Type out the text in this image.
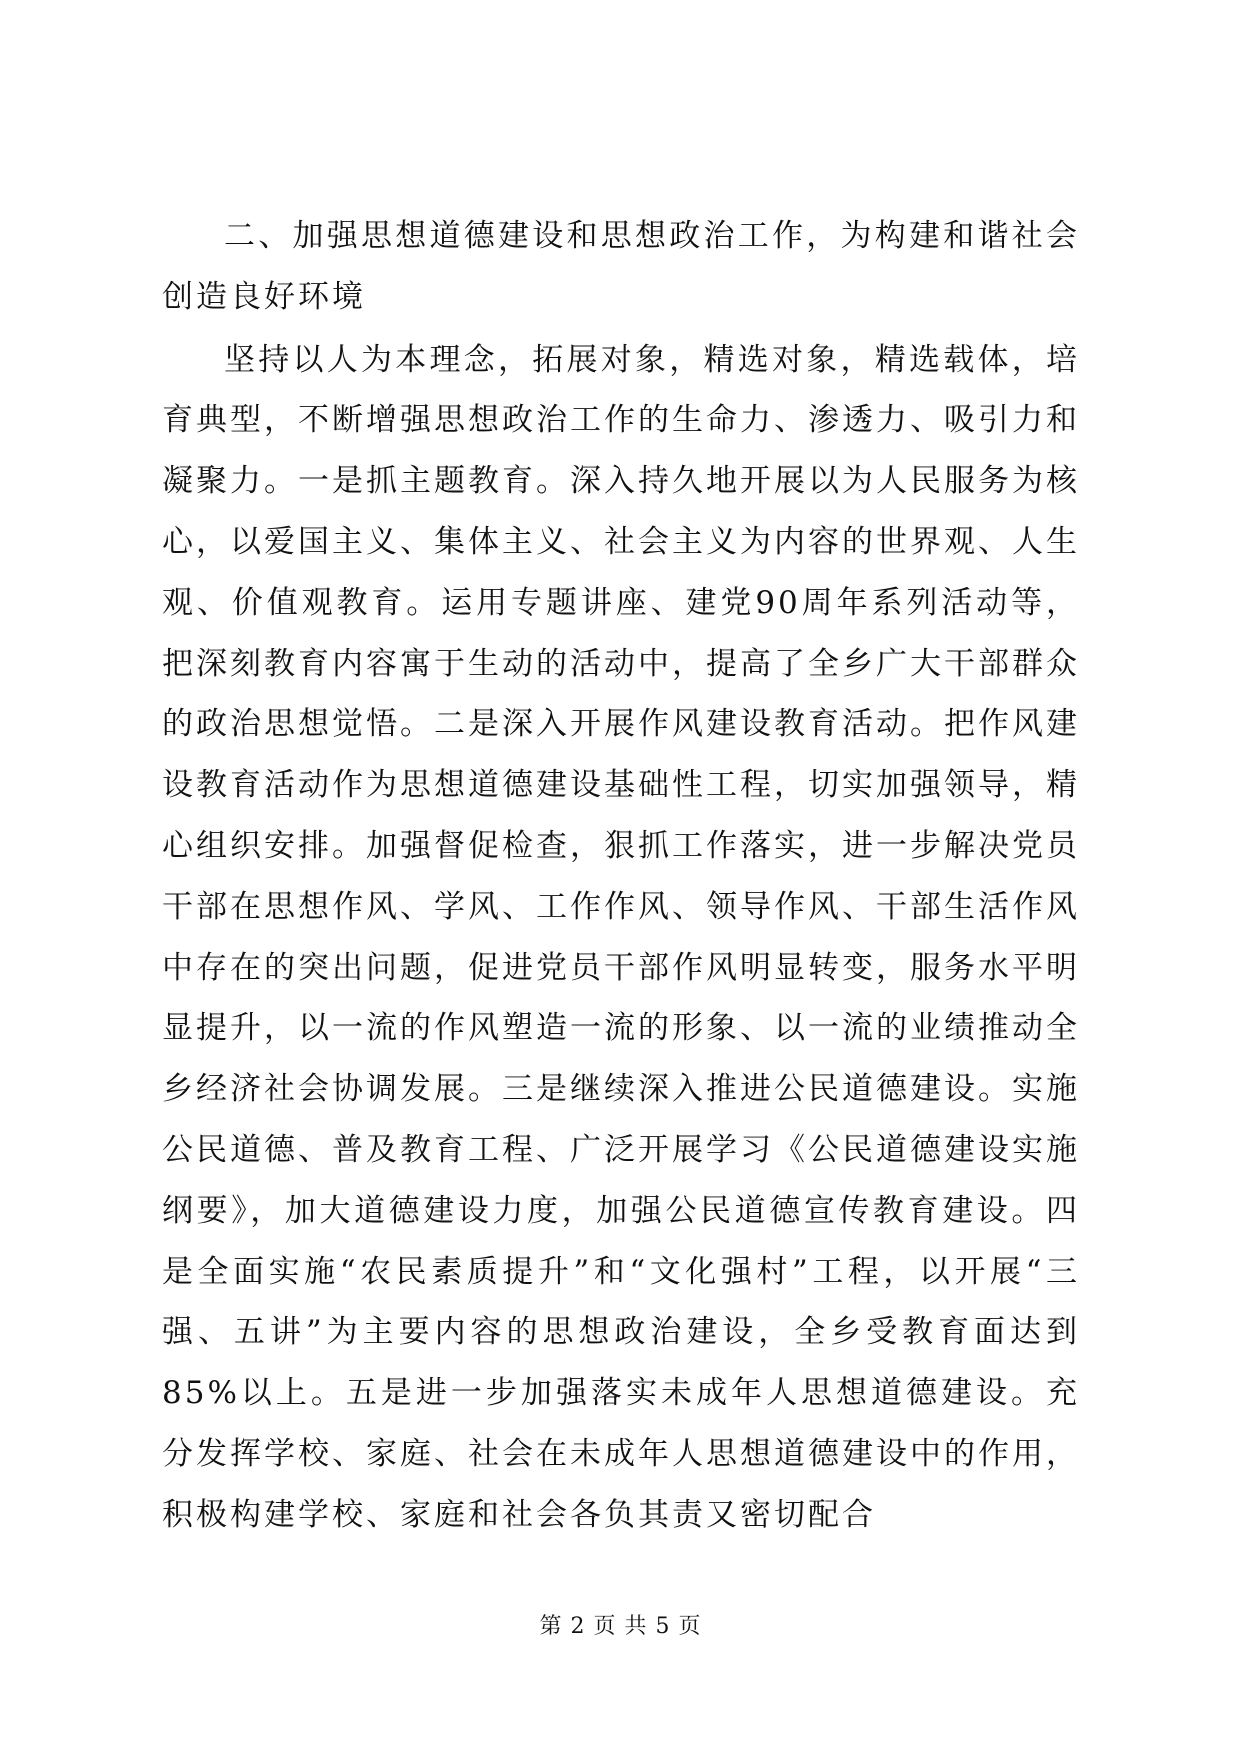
二、加强思想道德建设和思想政治工作，为构建和谐社会创造良好环境

坚持以人为本理念，拓展对象，精选对象，精选载体，培育典型，不断增强思想政治工作的生命力、渗透力、吸引力和凝聚力。一是抓主题教育。深入持久地开展以为人民服务为核心，以爱国主义、集体主义、社会主义为内容的世界观、人生观、价值观教育。运用专题讲座、建党90周年系列活动等，把深刻教育内容寓于生动的活动中，提高了全乡广大干部群众的政治思想觉悟。二是深入开展作风建设教育活动。把作风建设教育活动作为思想道德建设基础性工程，切实加强领导，精心组织安排。加强督促检查，狠抓工作落实，进一步解决党员干部在思想作风、学风、工作作风、领导作风、干部生活作风中存在的突出问题，促进党员干部作风明显转变，服务水平明显提升，以一流的作风塑造一流的形象、以一流的业绩推动全乡经济社会协调发展。三是继续深入推进公民道德建设。实施公民道德、普及教育工程、广泛开展学习《公民道德建设实施纲要》，加大道德建设力度，加强公民道德宣传教育建设。四是全面实施“农民素质提升”和“文化强村”工程，以开展“三强、五讲”为主要内容的思想政治建设，全乡受教育面达到85%以上。五是进一步加强落实未成年人思想道德建设。充分发挥学校、家庭、社会在未成年人思想道德建设中的作用，积极构建学校、家庭和社会各负其责又密切配合

第 2 页 共 5 页
